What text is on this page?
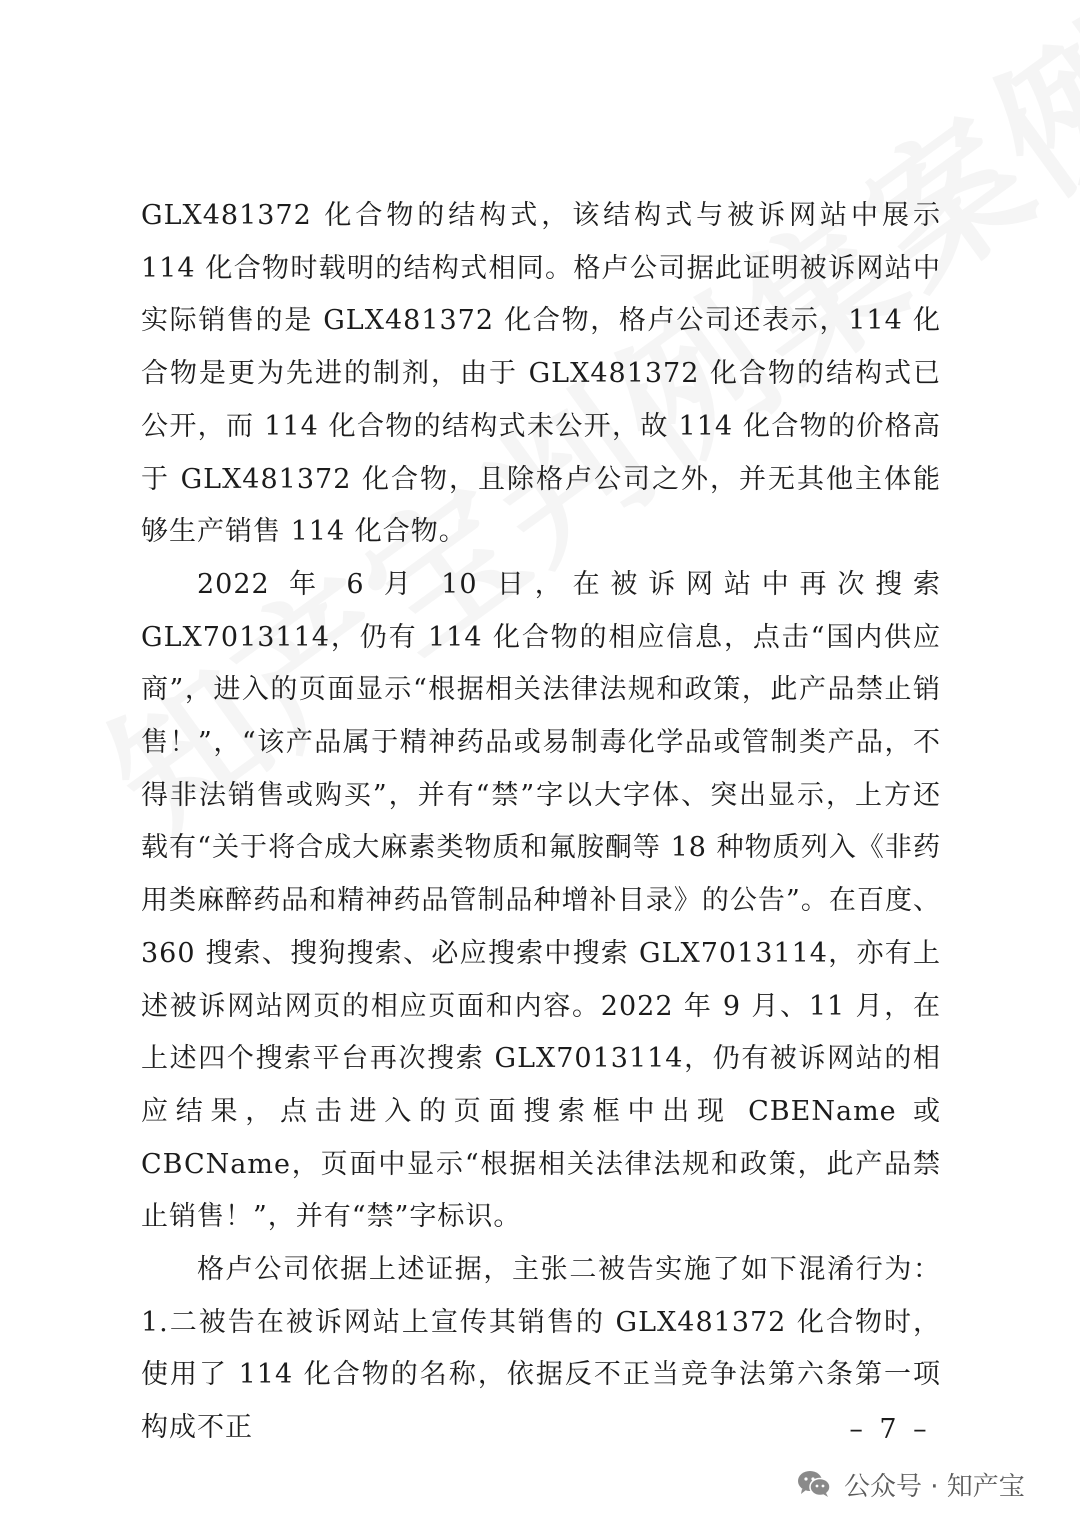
GLX481372 化合物的结构式，该结构式与被诉网站中展示 114 化合物时载明的结构式相同。格卢公司据此证明被诉网站中实际销售的是 GLX481372 化合物，格卢公司还表示，114 化合物是更为先进的制剂，由于 GLX481372 化合物的结构式已公开，而 114 化合物的结构式未公开，故 114 化合物的价格高于 GLX481372 化合物，且除格卢公司之外，并无其他主体能够生产销售 114 化合物。

2022 年 6 月 10 日，在被诉网站中再次搜索 GLX7013114，仍有 114 化合物的相应信息，点击“国内供应商”，进入的页面显示“根据相关法律法规和政策，此产品禁止销售！”，“该产品属于精神药品或易制毒化学品或管制类产品，不得非法销售或购买”，并有“禁”字以大字体、突出显示，上方还载有“关于将合成大麻素类物质和氟胺酮等 18 种物质列入《非药用类麻醉药品和精神药品管制品种增补目录》的公告”。在百度、360 搜索、搜狗搜索、必应搜索中搜索 GLX7013114，亦有上述被诉网站网页的相应页面和内容。2022 年 9 月、11 月，在上述四个搜索平台再次搜索 GLX7013114，仍有被诉网站的相应结果，点击进入的页面搜索框中出现 CBEName 或 CBCName，页面中显示“根据相关法律法规和政策，此产品禁止销售！”，并有“禁”字标识。

格卢公司依据上述证据，主张二被告实施了如下混淆行为：1.二被告在被诉网站上宣传其销售的 GLX481372 化合物时，使用了 114 化合物的名称，依据反不正当竞争法第六条第一项构成不正	– 7 –
公众号 · 知产宝
